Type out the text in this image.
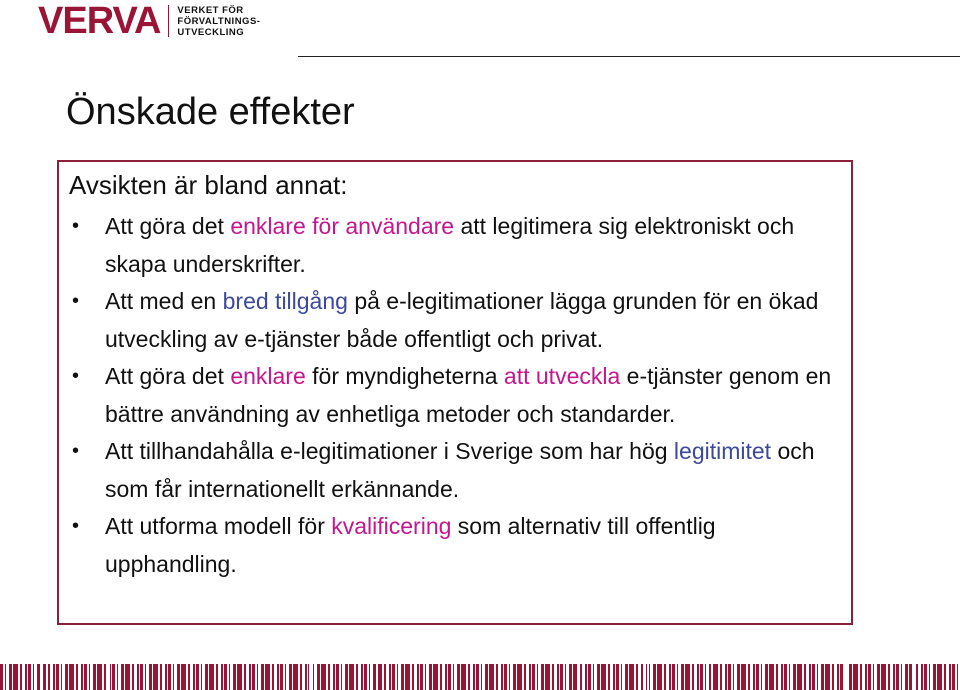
VERVA VERKET FÖR
FÖRVALTNINGS-
UTVECKLING
Önskade effekter

Avsikten är bland annat:

• Att göra det enklare för användare att legitimera sig elektroniskt och skapa underskrifter.
• Att med en bred tillgång på e-legitimationer lägga grunden för en ökad utveckling av e-tjänster både offentligt och privat.
• Att göra det enklare för myndigheterna att utveckla e-tjänster genom en bättre användning av enhetliga metoder och standarder.
• Att tillhandahålla e-legitimationer i Sverige som har hög legitimitet och som får internationellt erkännande.
• Att utforma modell för kvalificering som alternativ till offentlig upphandling.
